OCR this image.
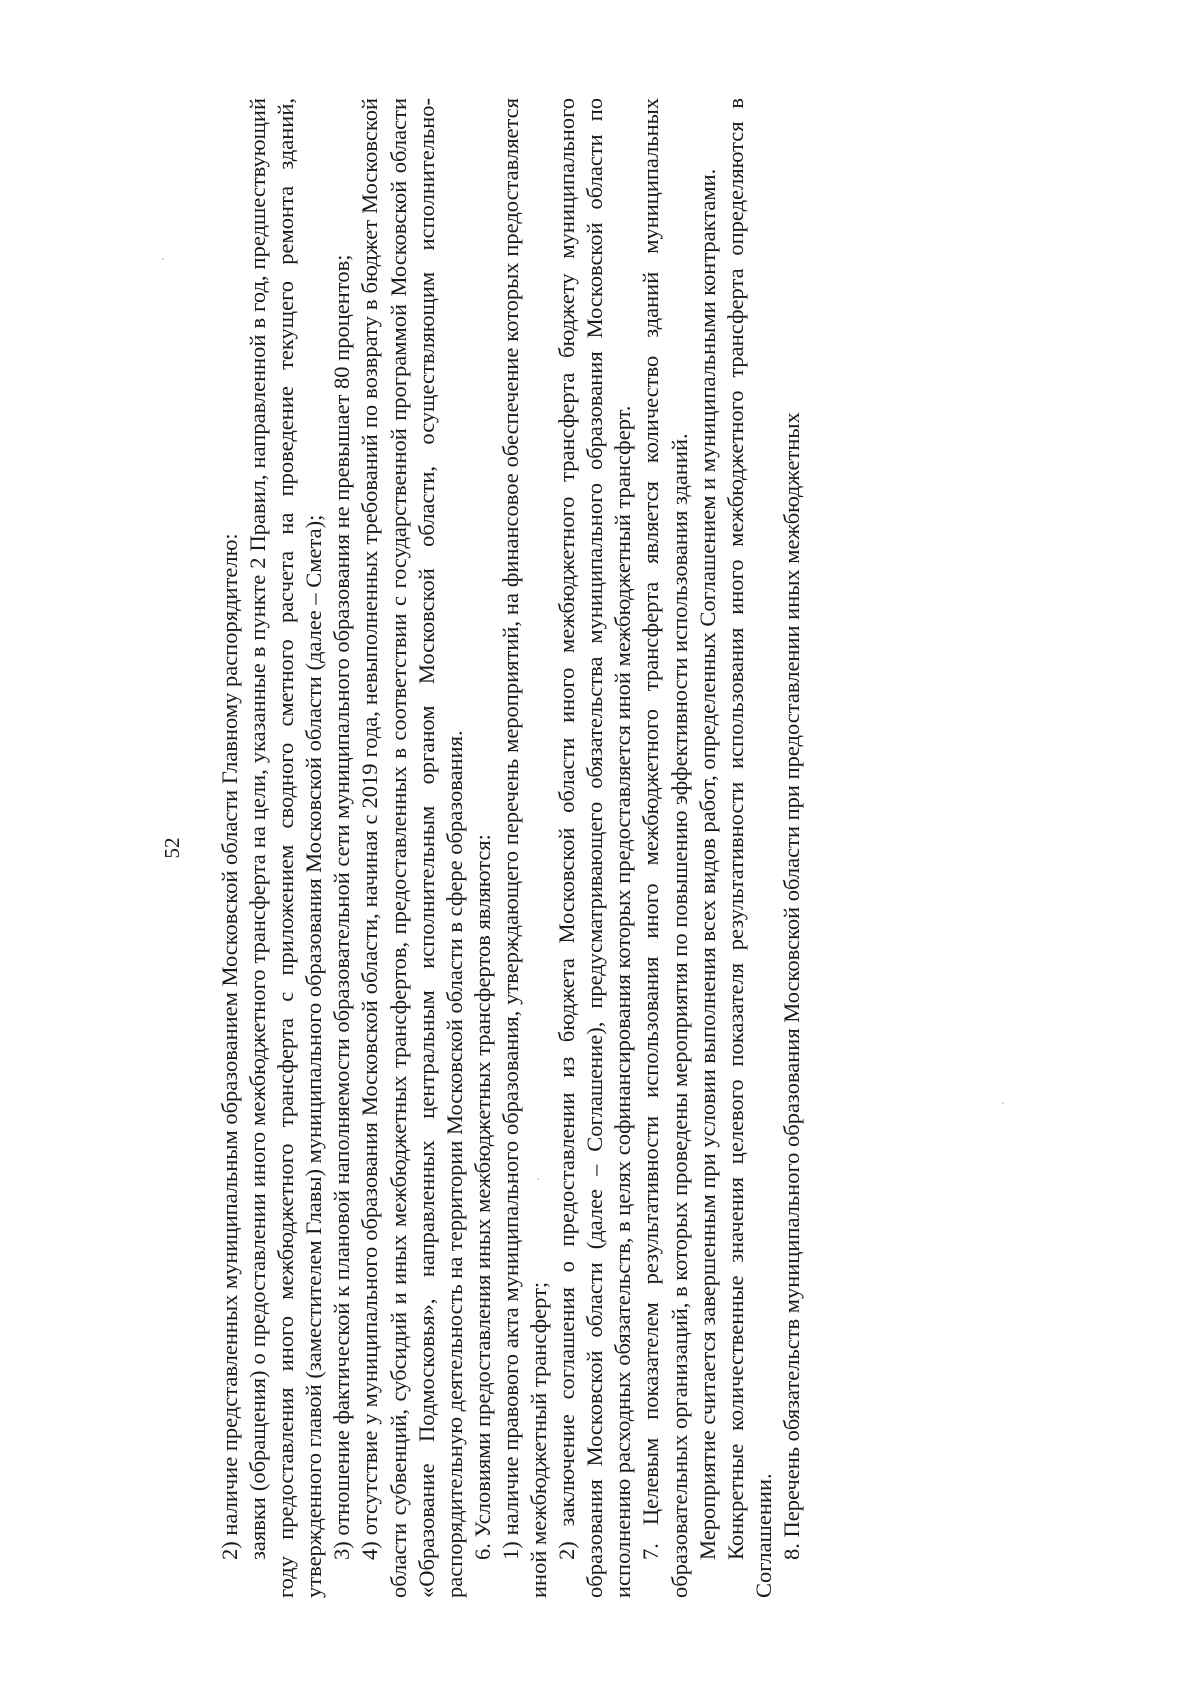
52 2) наличие представленных муниципальным образованием Московской области Главному распорядителю: заявки (обращения) о предоставлении иного межбюджетного трансферта на цели, указанные в пункте 2 Правил, направленной в год, предшествующий году предоставления иного межбюджетного трансферта с приложением сводного сметного расчета на проведение текущего ремонта зданий, утвержденного главой (заместителем Главы) муниципального образования Московской области (далее – Смета); 3) отношение фактической к плановой наполняемости образовательной сети муниципального образования не превышает 80 процентов; 4) отсутствие у муниципального образования Московской области, начиная с 2019 года, невыполненных требований по возврату в бюджет Московской области субвенций, субсидий и иных межбюджетных трансфертов, предоставленных в соответствии с государственной программой Московской области «Образование Подмосковья», направленных центральным исполнительным органом Московской области, осуществляющим исполнительно-распорядительную деятельность на территории Московской области в сфере образования. 6. Условиями предоставления иных межбюджетных трансфертов являются: 1) наличие правового акта муниципального образования, утверждающего перечень мероприятий, на финансовое обеспечение которых предоставляется иной межбюджетный трансферт; 2) заключение соглашения о предоставлении из бюджета Московской области иного межбюджетного трансферта бюджету муниципального образования Московской области (далее – Соглашение), предусматривающего обязательства муниципального образования Московской области по исполнению расходных обязательств, в целях софинансирования которых предоставляется иной межбюджетный трансферт. 7. Целевым показателем результативности использования иного межбюджетного трансферта является количество зданий муниципальных образовательных организаций, в которых проведены мероприятия по повышению эффективности использования зданий. Мероприятие считается завершенным при условии выполнения всех видов работ, определенных Соглашением и муниципальными контрактами. Конкретные количественные значения целевого показателя результативности использования иного межбюджетного трансферта определяются в Соглашении. 8. Перечень обязательств муниципального образования Московской области при предоставлении иных межбюджетных
